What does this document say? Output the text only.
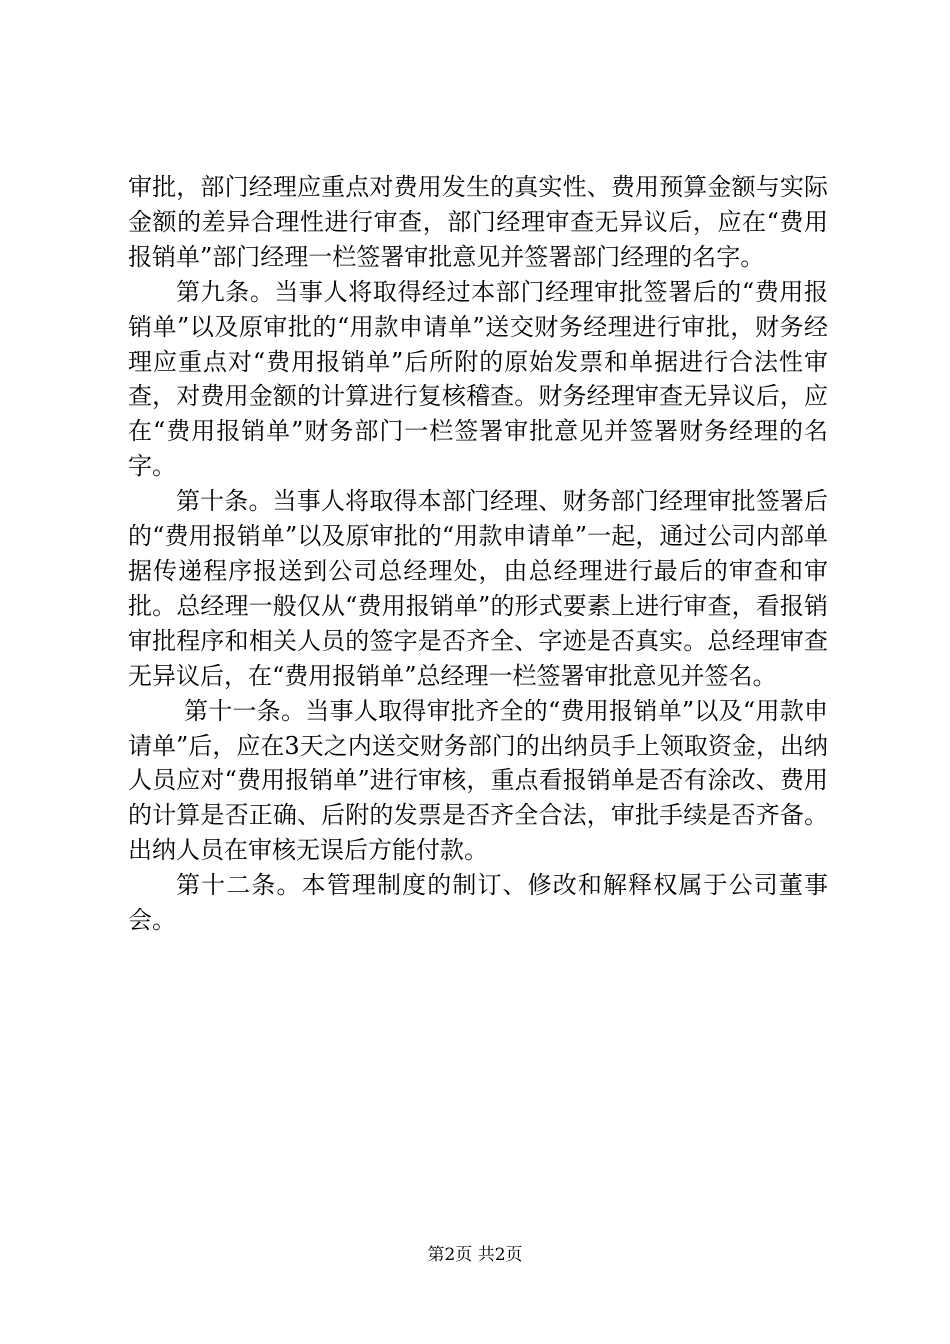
审批，部门经理应重点对费用发生的真实性、费用预算金额与实际金额的差异合理性进行审查，部门经理审查无异议后，应在“费用报销单”部门经理一栏签署审批意见并签署部门经理的名字。

第九条。当事人将取得经过本部门经理审批签署后的“费用报销单”以及原审批的“用款申请单”送交财务经理进行审批，财务经理应重点对“费用报销单”后所附的原始发票和单据进行合法性审查，对费用金额的计算进行复核稽查。财务经理审查无异议后，应在“费用报销单”财务部门一栏签署审批意见并签署财务经理的名字。

第十条。当事人将取得本部门经理、财务部门经理审批签署后的“费用报销单”以及原审批的“用款申请单”一起，通过公司内部单据传递程序报送到公司总经理处，由总经理进行最后的审查和审批。总经理一般仅从“费用报销单”的形式要素上进行审查，看报销审批程序和相关人员的签字是否齐全、字迹是否真实。总经理审查无异议后，在“费用报销单”总经理一栏签署审批意见并签名。

第十一条。当事人取得审批齐全的“费用报销单”以及“用款申请单”后，应在3天之内送交财务部门的出纳员手上领取资金，出纳人员应对“费用报销单”进行审核，重点看报销单是否有涂改、费用的计算是否正确、后附的发票是否齐全合法，审批手续是否齐备。出纳人员在审核无误后方能付款。

第十二条。本管理制度的制订、修改和解释权属于公司董事会。

第2页 共2页
